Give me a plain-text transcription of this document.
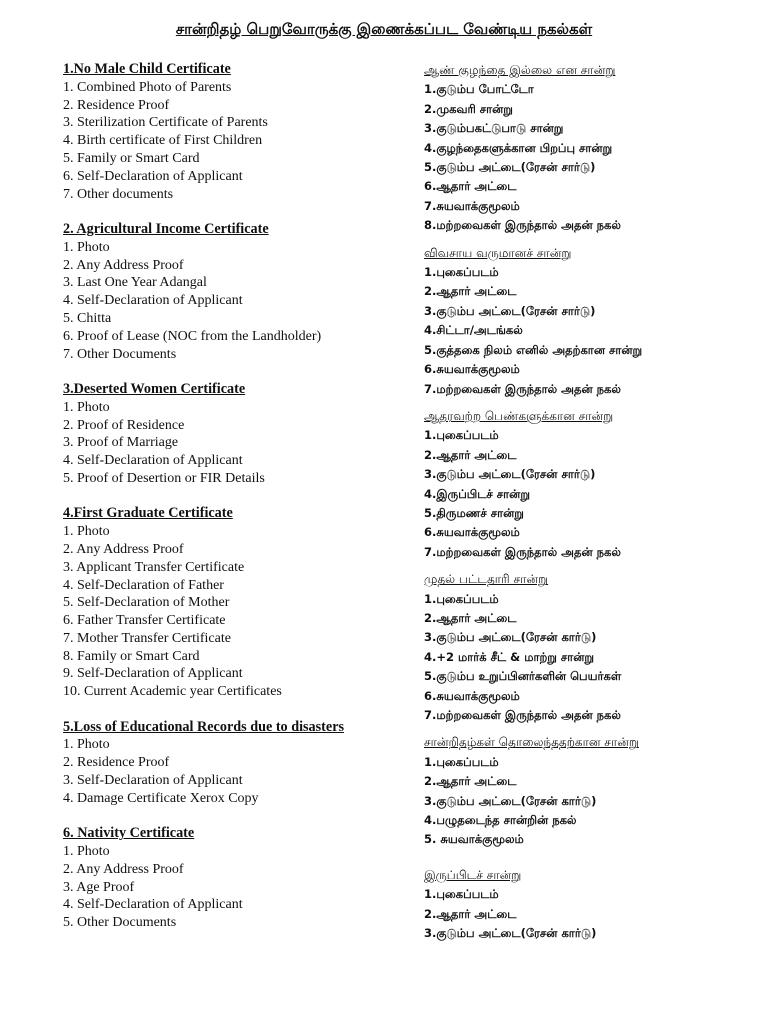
சான்றிதழ் பெறுவோருக்கு இணைக்கப்பட வேண்டிய நகல்கள்
1.No Male Child Certificate
1. Combined Photo of Parents
2. Residence Proof
3. Sterilization Certificate of Parents
4. Birth certificate of First Children
5. Family or Smart Card
6. Self-Declaration of Applicant
7. Other documents
2. Agricultural Income Certificate
1. Photo
2. Any Address Proof
3. Last One Year Adangal
4. Self-Declaration of Applicant
5. Chitta
6. Proof of Lease (NOC from the Landholder)
7. Other Documents
3.Deserted Women Certificate
1. Photo
2. Proof of Residence
3. Proof of Marriage
4. Self-Declaration of Applicant
5. Proof of Desertion or FIR Details
4.First Graduate Certificate
1. Photo
2. Any Address Proof
3. Applicant Transfer Certificate
4. Self-Declaration of Father
5. Self-Declaration of Mother
6. Father Transfer Certificate
7. Mother Transfer Certificate
8. Family or Smart Card
9. Self-Declaration of Applicant
10. Current Academic year Certificates
5.Loss of Educational Records due to disasters
1. Photo
2. Residence Proof
3. Self-Declaration of Applicant
4. Damage Certificate Xerox Copy
6. Nativity Certificate
1. Photo
2. Any Address Proof
3. Age Proof
4. Self-Declaration of Applicant
5. Other Documents
ஆண் குழந்தை இல்லை என சான்று
1.குடும்ப போட்டோ
2.முகவரி சான்று
3.குடும்பகட்டுபாடு சான்று
4.குழந்தைகளுக்கான பிறப்பு சான்று
5.குடும்ப அட்டை(ரேசன் சார்டு)
6.ஆதார் அட்டை
7.சுயவாக்குமூலம்
8.மற்றவைகள் இருந்தால் அதன் நகல்
விவசாய வருமானச் சான்று
1.புகைப்படம்
2.ஆதார் அட்டை
3.குடும்ப அட்டை(ரேசன் சார்டு)
4.சிட்டா/அடங்கல்
5.குத்தகை நிலம் எனில் அதற்கான சான்று
6.சுயவாக்குமூலம்
7.மற்றவைகள் இருந்தால் அதன் நகல்
ஆதரவற்ற பெண்களுக்கான சான்று
1.புகைப்படம்
2.ஆதார் அட்டை
3.குடும்ப அட்டை(ரேசன் சார்டு)
4.இருப்பிடச் சான்று
5.திருமணச் சான்று
6.சுயவாக்குமூலம்
7.மற்றவைகள் இருந்தால் அதன் நகல்
முதல் பட்டதாரி சான்று
1.புகைப்படம்
2.ஆதார் அட்டை
3.குடும்ப அட்டை(ரேசன் கார்டு)
4.+2 மார்க் சீட் & மாற்று சான்று
5.குடும்ப உறுப்பினர்களின் பெயர்கள்
6.சுயவாக்குமூலம்
7.மற்றவைகள் இருந்தால் அதன் நகல்
சான்றிதழ்கள் தொலைந்ததற்கான சான்று
1.புகைப்படம்
2.ஆதார் அட்டை
3.குடும்ப அட்டை(ரேசன் கார்டு)
4.பழுதடைந்த சான்றின் நகல்
5. சுயவாக்குமூலம்
இருப்பிடச் சான்று
1.புகைப்படம்
2.ஆதார் அட்டை
3.குடும்ப அட்டை(ரேசன் கார்டு)
